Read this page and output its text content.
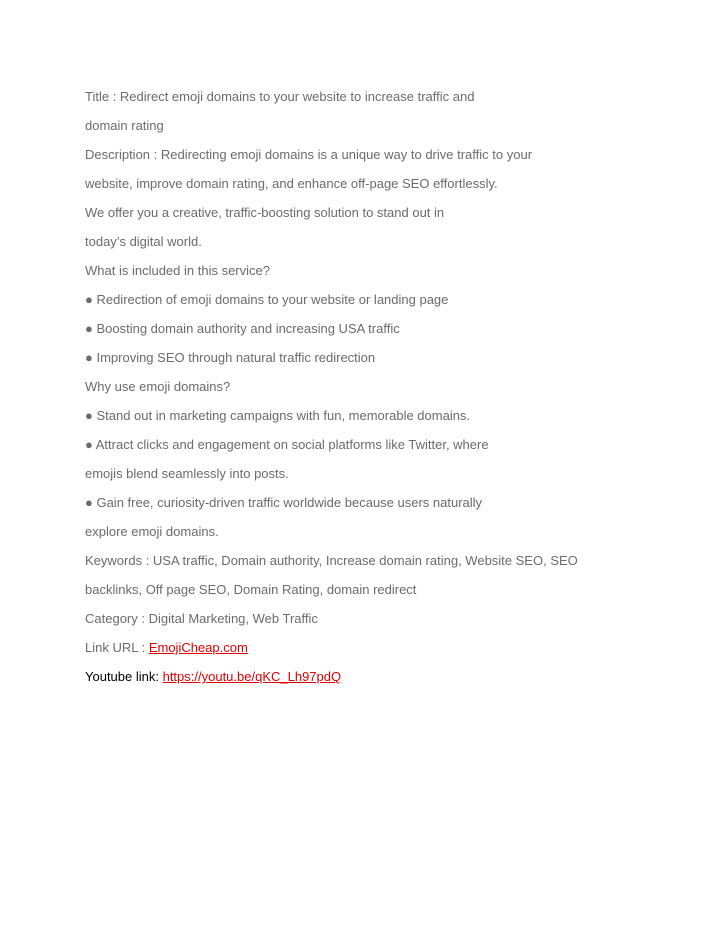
Title : Redirect emoji domains to your website to increase traffic and
domain rating
Description : Redirecting emoji domains is a unique way to drive traffic to your
website, improve domain rating, and enhance off-page SEO effortlessly.
We offer you a creative, traffic-boosting solution to stand out in
today’s digital world.
What is included in this service?
● Redirection of emoji domains to your website or landing page
● Boosting domain authority and increasing USA traffic
● Improving SEO through natural traffic redirection
Why use emoji domains?
● Stand out in marketing campaigns with fun, memorable domains.
● Attract clicks and engagement on social platforms like Twitter, where
emojis blend seamlessly into posts.
● Gain free, curiosity-driven traffic worldwide because users naturally
explore emoji domains.
Keywords : USA traffic, Domain authority, Increase domain rating, Website SEO, SEO
backlinks, Off page SEO, Domain Rating, domain redirect
Category : Digital Marketing, Web Traffic
Link URL : EmojiCheap.com
Youtube link: https://youtu.be/qKC_Lh97pdQ
